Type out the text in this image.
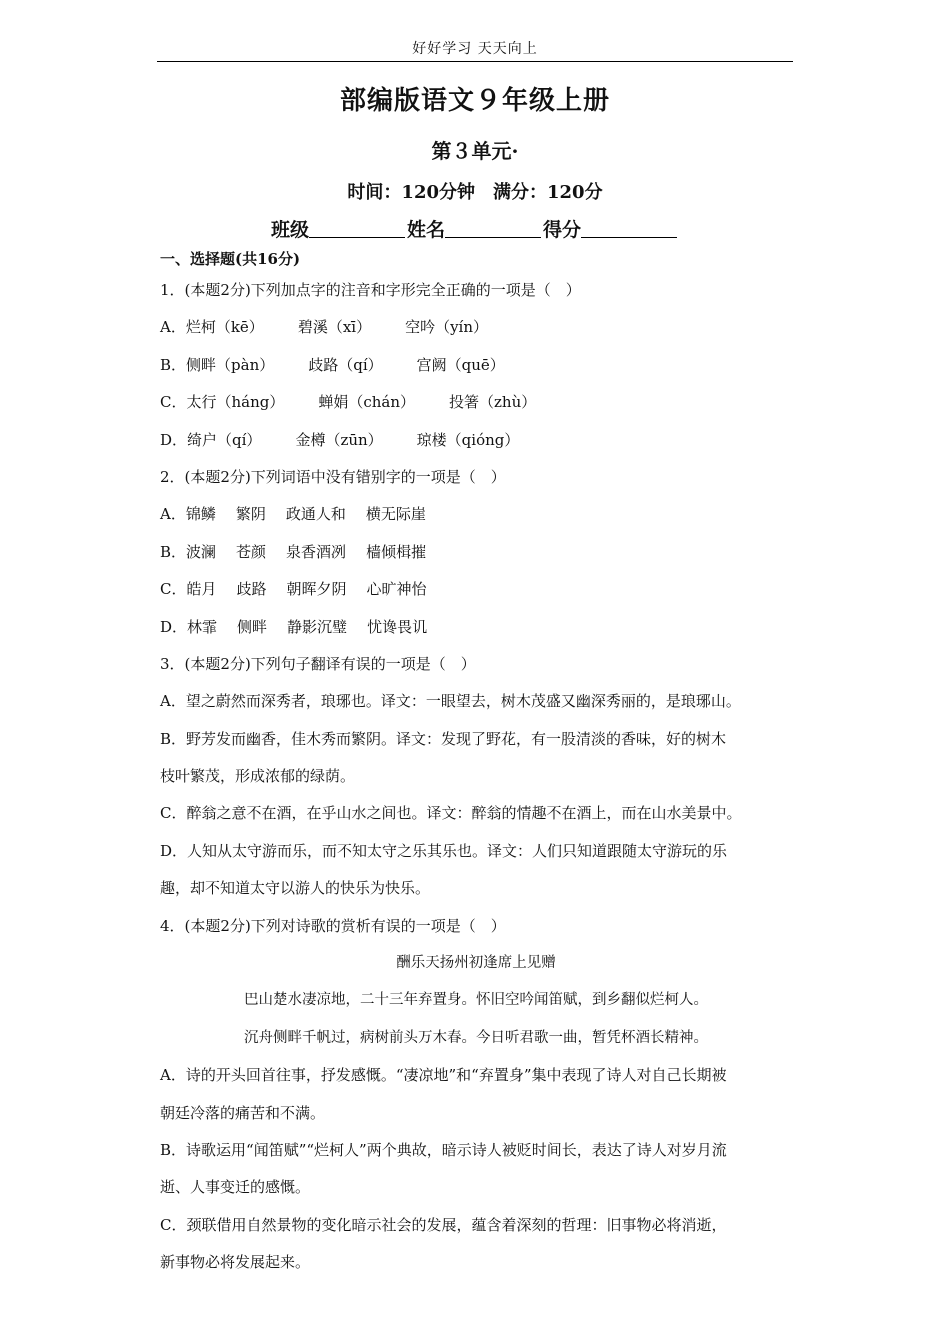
好好学习 天天向上
部编版语文９年级上册
第３单元·
时间：120分钟　满分：120分
班级	姓名	得分
一、选择题(共16分)
1．(本题2分)下列加点字的注音和字形完全正确的一项是（　）
A．烂柯（kē） 碧溪（xī） 空吟（yín）
B．侧畔（pàn） 歧路（qí） 宫阙（quē）
C．太行（háng） 蝉娟（chán） 投箸（zhù）
D．绮户（qí） 金樽（zūn） 琼楼（qióng）
2．(本题2分)下列词语中没有错别字的一项是（　）
A．锦鳞 繁阴 政通人和 横无际崖
B．波澜 苍颜 泉香酒冽 樯倾楫摧
C．皓月 歧路 朝晖夕阴 心旷神怡
D．林霏 侧畔 静影沉璧 忧谗畏讥
3．(本题2分)下列句子翻译有误的一项是（　）
A．望之蔚然而深秀者，琅琊也。译文：一眼望去，树木茂盛又幽深秀丽的，是琅琊山。
B．野芳发而幽香，佳木秀而繁阴。译文：发现了野花，有一股清淡的香味，好的树木
枝叶繁茂，形成浓郁的绿荫。
C．醉翁之意不在酒，在乎山水之间也。译文：醉翁的情趣不在酒上，而在山水美景中。
D．人知从太守游而乐，而不知太守之乐其乐也。译文：人们只知道跟随太守游玩的乐
趣，却不知道太守以游人的快乐为快乐。
4．(本题2分)下列对诗歌的赏析有误的一项是（　）
酬乐天扬州初逢席上见赠
巴山楚水凄凉地，二十三年弃置身。怀旧空吟闻笛赋，到乡翻似烂柯人。
沉舟侧畔千帆过，病树前头万木春。今日听君歌一曲，暂凭杯酒长精神。
A．诗的开头回首往事，抒发感慨。“凄凉地”和“弃置身”集中表现了诗人对自己长期被
朝廷冷落的痛苦和不满。
B．诗歌运用“闻笛赋”“烂柯人”两个典故，暗示诗人被贬时间长，表达了诗人对岁月流
逝、人事变迁的感慨。
C．颈联借用自然景物的变化暗示社会的发展，蕴含着深刻的哲理：旧事物必将消逝，
新事物必将发展起来。
